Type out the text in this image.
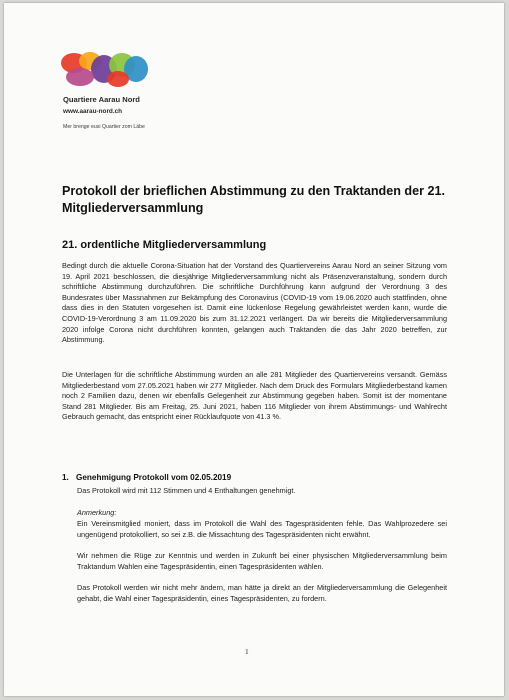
Quartiere Aarau Nord
www.aarau-nord.ch
Mer brenge eusi Quartier zom Läbe
Protokoll der brieflichen Abstimmung zu den Traktanden der 21. Mitgliederversammlung
21. ordentliche Mitgliederversammlung
Bedingt durch die aktuelle Corona-Situation hat der Vorstand des Quartiervereins Aarau Nord an seiner Sitzung vom 19. April 2021 beschlossen, die diesjährige Mitgliederversammlung nicht als Präsenzveranstaltung, sondern durch schriftliche Abstimmung durchzuführen. Die schriftliche Durchführung kann aufgrund der Verordnung 3 des Bundesrates über Massnahmen zur Bekämpfung des Coronavirus (COVID-19 vom 19.06.2020 auch stattfinden, ohne dass dies in den Statuten vorgesehen ist. Damit eine lückenlose Regelung gewährleistet werden kann, wurde die COVID-19-Verordnung 3 am 11.09.2020 bis zum 31.12.2021 verlängert. Da wir bereits die Mitgliederversammlung 2020 infolge Corona nicht durchführen konnten, gelangen auch Traktanden die das Jahr 2020 betreffen, zur Abstimmung.
Die Unterlagen für die schriftliche Abstimmung wurden an alle 281 Mitglieder des Quartiervereins versandt. Gemäss Mitgliederbestand vom 27.05.2021 haben wir 277 Mitglieder. Nach dem Druck des Formulars Mitgliederbestand kamen noch 2 Familien dazu, denen wir ebenfalls Gelegenheit zur Abstimmung gegeben haben. Somit ist der momentane Stand 281 Mitglieder. Bis am Freitag, 25. Juni 2021, haben 116 Mitglieder von ihrem Abstimmungs- und Wahlrecht Gebrauch gemacht, das entspricht einer Rücklaufquote von 41.3 %.
1. Genehmigung Protokoll vom 02.05.2019
Das Protokoll wird mit 112 Stimmen und 4 Enthaltungen genehmigt.
Anmerkung:
Ein Vereinsmitglied moniert, dass im Protokoll die Wahl des Tagespräsidenten fehle. Das Wahlprozedere sei ungenügend protokolliert, so sei z.B. die Missachtung des Tagespräsidenten nicht erwähnt.
Wir nehmen die Rüge zur Kenntnis und werden in Zukunft bei einer physischen Mitgliederversammlung beim Traktandum Wahlen eine Tagespräsidentin, einen Tagespräsidenten wählen.
Das Protokoll werden wir nicht mehr ändern, man hätte ja direkt an der Mitgliederversammlung die Gelegenheit gehabt, die Wahl einer Tagespräsidentin, eines Tagespräsidenten, zu fordern.
1
